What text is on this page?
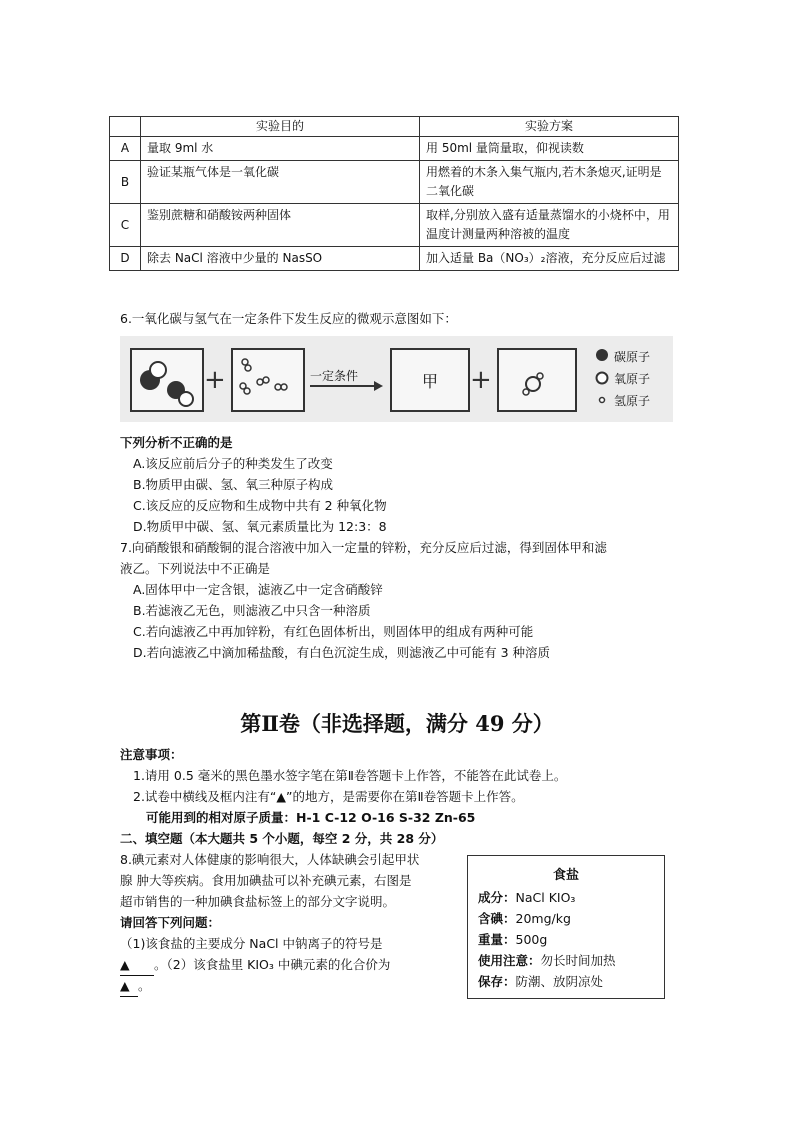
	实验目的	实验方案
A	量取 9ml 水	用 50ml 量筒量取，仰视读数
B	验证某瓶气体是一氧化碳	用燃着的木条入集气瓶内,若木条熄灭,证明是二氧化碳
C	鉴别蔗糖和硝酸铵两种固体	取样,分别放入盛有适量蒸馏水的小烧杯中，用温度计测量两种溶被的温度
D	除去 NaCl 溶液中少量的 NasSO	加入适量 Ba（NO₃）₂溶液，充分反应后过滤
6.一氧化碳与氢气在一定条件下发生反应的微观示意图如下：
+	一定条件	甲 +
碳原子
氧原子
氢原子
下列分析不正确的是
A.该反应前后分子的种类发生了改变
B.物质甲由碳、氢、氧三种原子构成
C.该反应的反应物和生成物中共有 2 种氧化物
D.物质甲中碳、氢、氧元素质量比为 12:3：8
7.向硝酸银和硝酸铜的混合溶液中加入一定量的锌粉，充分反应后过滤，得到固体甲和滤
液乙。下列说法中不正确是
A.固体甲中一定含银，滤液乙中一定含硝酸锌
B.若滤液乙无色，则滤液乙中只含一种溶质
C.若向滤液乙中再加锌粉，有红色固体析出，则固体甲的组成有两种可能
D.若向滤液乙中滴加稀盐酸，有白色沉淀生成，则滤液乙中可能有 3 种溶质
第Ⅱ卷（非选择题，满分 49 分）
注意事项：
1.请用 0.5 毫米的黑色墨水签字笔在第Ⅱ卷答题卡上作答，不能答在此试卷上。
2.试卷中横线及框内注有“▲”的地方，是需要你在第Ⅱ卷答题卡上作答。
可能用到的相对原子质量：H-1 C-12 O-16 S-32 Zn-65
二、填空题（本大题共 5 个小题，每空 2 分，共 28 分）
8.碘元素对人体健康的影响很大，人体缺碘会引起甲状
腺 肿大等疾病。食用加碘盐可以补充碘元素，右图是
超市销售的一种加碘食盐标签上的部分文字说明。
请回答下列问题：
（1)该食盐的主要成分 NaCl 中钠离子的符号是
▲ 。（2）该食盐里 KIO₃ 中碘元素的化合价为
▲ 。
食盐
成分：NaCl KIO₃
含碘：20mg/kg
重量：500g
使用注意：勿长时间加热
保存：防潮、放阴凉处
